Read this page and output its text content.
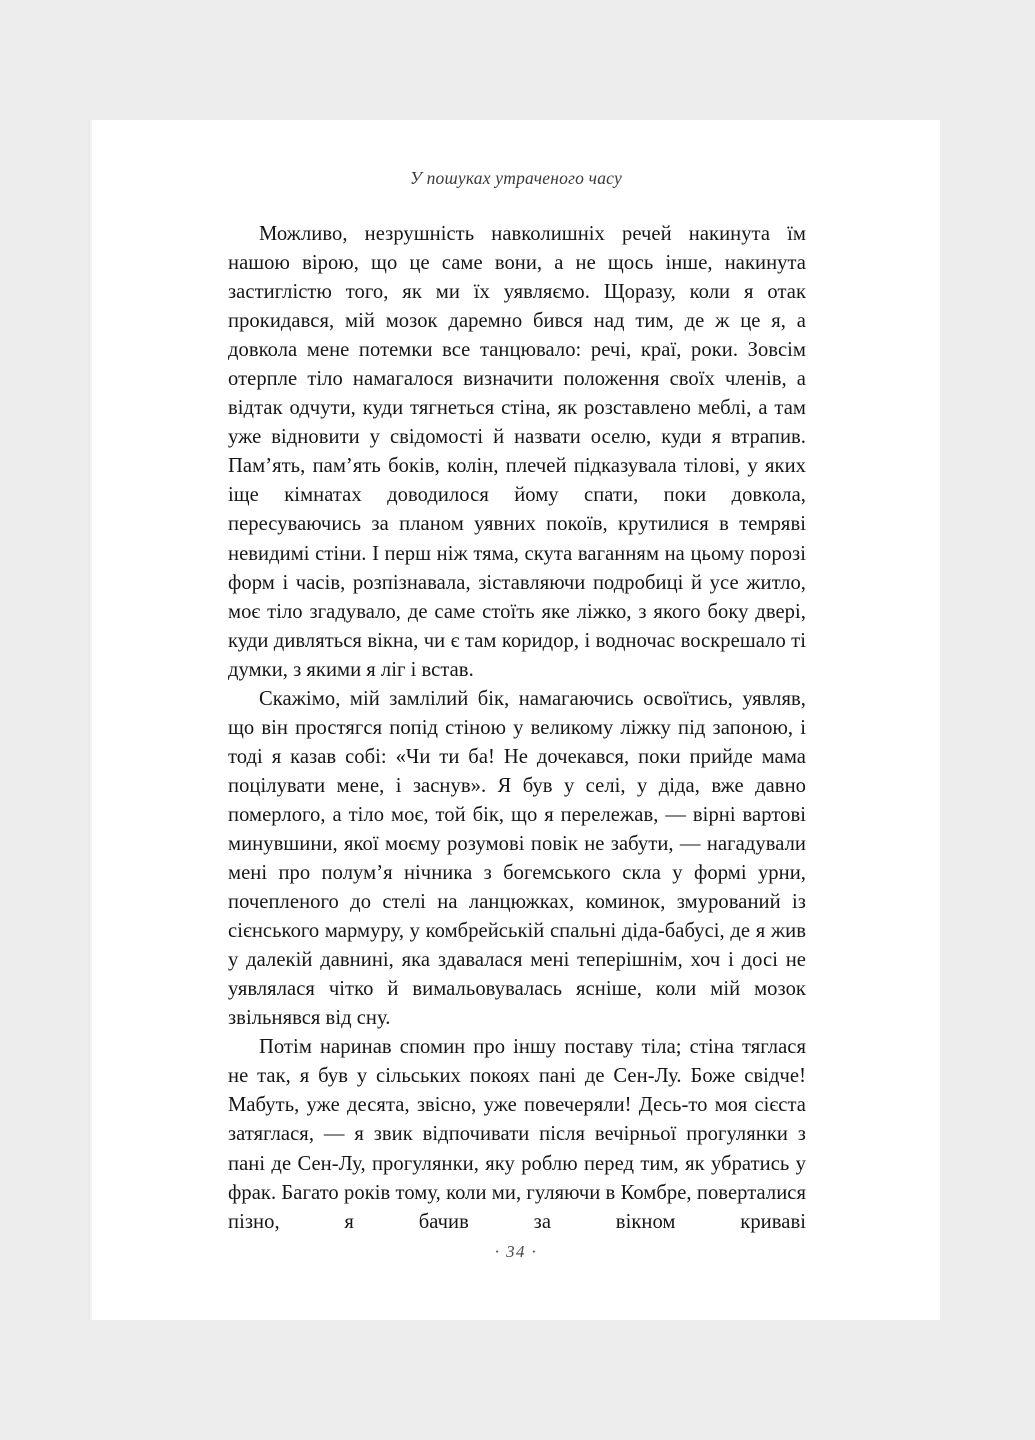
У пошуках утраченого часу

Можливо, незрушність навколишніх речей накинута їм нашою вірою, що це саме вони, а не щось інше, накинута застиглістю того, як ми їх уявляємо. Щоразу, коли я отак прокидався, мій мозок даремно бився над тим, де ж це я, а довкола мене потемки все танцювало: речі, краї, роки. Зовсім отерпле тіло намагалося визначити положення своїх членів, а відтак одчути, куди тягнеться стіна, як розставлено меблі, а там уже відновити у свідомості й назвати оселю, куди я втрапив. Пам’ять, пам’ять боків, колін, плечей підказувала тілові, у яких іще кімнатах доводилося йому спати, поки довкола, пересуваючись за планом уявних покоїв, крутилися в темряві невидимі стіни. І перш ніж тяма, скута ваганням на цьому порозі форм і часів, розпізнавала, зіставляючи подробиці й усе житло, моє тіло згадувало, де саме стоїть яке ліжко, з якого боку двері, куди дивляться вікна, чи є там коридор, і водночас воскрешало ті думки, з якими я ліг і встав.

Скажімо, мій замлілий бік, намагаючись освоїтись, уявляв, що він простягся попід стіною у великому ліжку під запоною, і тоді я казав собі: «Чи ти ба! Не дочекався, поки прийде мама поцілувати мене, і заснув». Я був у селі, у діда, вже давно померлого, а тіло моє, той бік, що я перележав, — вірні вартові минувшини, якої моєму розумові повік не забути, — нагадували мені про полум’я нічника з богемського скла у формі урни, почепленого до стелі на ланцюжках, коминок, змурований із сієнського мармуру, у комбрейській спальні діда-бабусі, де я жив у далекій давнині, яка здавалася мені теперішнім, хоч і досі не уявлялася чітко й вимальовувалась ясніше, коли мій мозок звільнявся від сну.

Потім наринав спомин про іншу поставу тіла; стіна тяглася не так, я був у сільських покоях пані де Сен-Лу. Боже свідче! Мабуть, уже десята, звісно, уже повечеряли! Десь-то моя сієста затяглася, — я звик відпочивати після вечірньої прогулянки з пані де Сен-Лу, прогулянки, яку роблю перед тим, як убратись у фрак. Багато років тому, коли ми, гуляючи в Комбре, поверталися пізно, я бачив за вікном криваві

· 34 ·
